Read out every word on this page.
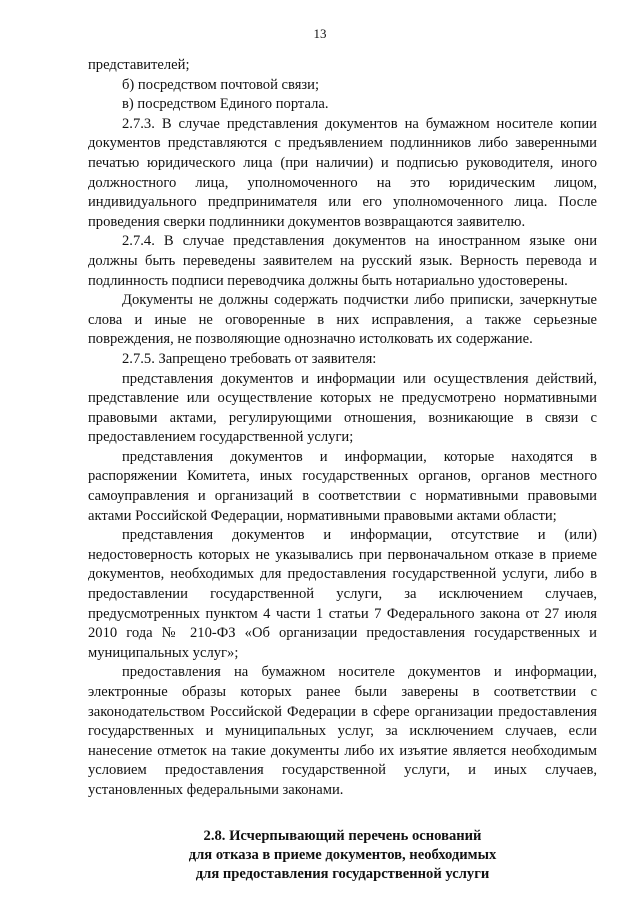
13

представителей;

б) посредством почтовой связи;

в) посредством Единого портала.

2.7.3. В случае представления документов на бумажном носителе копии документов представляются с предъявлением подлинников либо заверенными печатью юридического лица (при наличии) и подписью руководителя, иного должностного лица, уполномоченного на это юридическим лицом, индивидуального предпринимателя или его уполномоченного лица. После проведения сверки подлинники документов возвращаются заявителю.

2.7.4. В случае представления документов на иностранном языке они должны быть переведены заявителем на русский язык. Верность перевода и подлинность подписи переводчика должны быть нотариально удостоверены.

Документы не должны содержать подчистки либо приписки, зачеркнутые слова и иные не оговоренные в них исправления, а также серьезные повреждения, не позволяющие однозначно истолковать их содержание.

2.7.5. Запрещено требовать от заявителя:

представления документов и информации или осуществления действий, представление или осуществление которых не предусмотрено нормативными правовыми актами, регулирующими отношения, возникающие в связи с предоставлением государственной услуги;

представления документов и информации, которые находятся в распоряжении Комитета, иных государственных органов, органов местного самоуправления и организаций в соответствии с нормативными правовыми актами Российской Федерации, нормативными правовыми актами области;

представления документов и информации, отсутствие и (или) недостоверность которых не указывались при первоначальном отказе в приеме документов, необходимых для предоставления государственной услуги, либо в предоставлении государственной услуги, за исключением случаев, предусмотренных пунктом 4 части 1 статьи 7 Федерального закона от 27 июля 2010 года № 210-ФЗ «Об организации предоставления государственных и муниципальных услуг»;

предоставления на бумажном носителе документов и информации, электронные образы которых ранее были заверены в соответствии с законодательством Российской Федерации в сфере организации предоставления государственных и муниципальных услуг, за исключением случаев, если нанесение отметок на такие документы либо их изъятие является необходимым условием предоставления государственной услуги, и иных случаев, установленных федеральными законами.

2.8. Исчерпывающий перечень оснований
для отказа в приеме документов, необходимых
для предоставления государственной услуги
